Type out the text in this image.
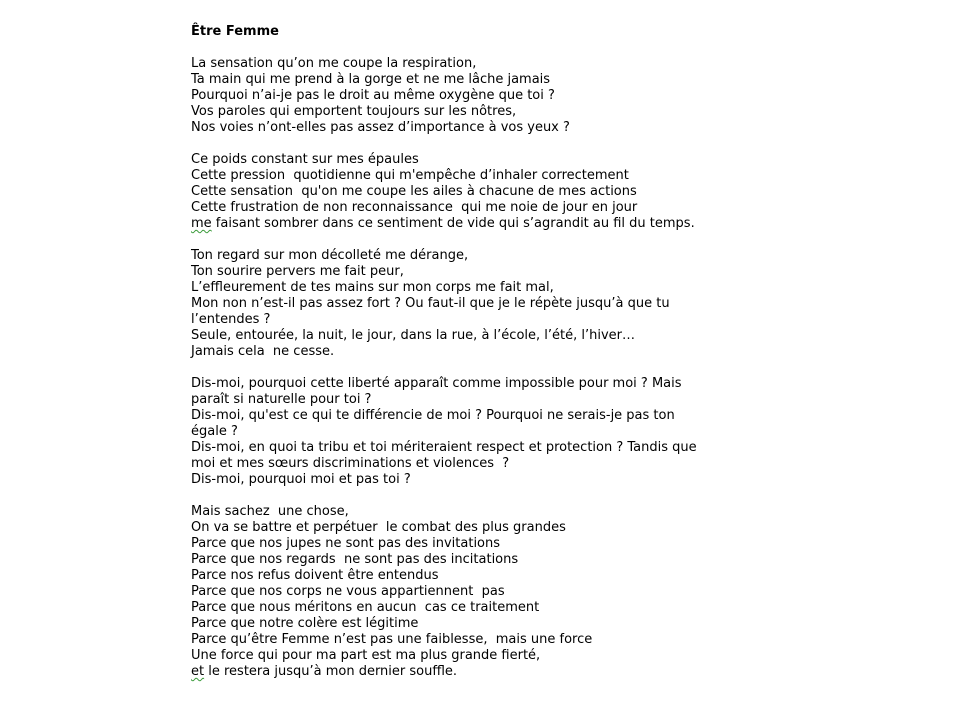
Être Femme
La sensation qu’on me coupe la respiration,
Ta main qui me prend à la gorge et ne me lâche jamais
Pourquoi n’ai-je pas le droit au même oxygène que toi ?
Vos paroles qui emportent toujours sur les nôtres,
Nos voies n’ont-elles pas assez d’importance à vos yeux ?
Ce poids constant sur mes épaules
Cette pression  quotidienne qui m'empêche d’inhaler correctement
Cette sensation  qu'on me coupe les ailes à chacune de mes actions
Cette frustration de non reconnaissance  qui me noie de jour en jour
me faisant sombrer dans ce sentiment de vide qui s’agrandit au fil du temps.
Ton regard sur mon décolleté me dérange,
Ton sourire pervers me fait peur,
L’effleurement de tes mains sur mon corps me fait mal,
Mon non n’est-il pas assez fort ? Ou faut-il que je le répète jusqu’à que tu
l’entendes ?
Seule, entourée, la nuit, le jour, dans la rue, à l’école, l’été, l’hiver…
Jamais cela  ne cesse.
Dis-moi, pourquoi cette liberté apparaît comme impossible pour moi ? Mais
paraît si naturelle pour toi ?
Dis-moi, qu'est ce qui te différencie de moi ? Pourquoi ne serais-je pas ton
égale ?
Dis-moi, en quoi ta tribu et toi mériteraient respect et protection ? Tandis que
moi et mes sœurs discriminations et violences  ?
Dis-moi, pourquoi moi et pas toi ?
Mais sachez  une chose,
On va se battre et perpétuer  le combat des plus grandes
Parce que nos jupes ne sont pas des invitations
Parce que nos regards  ne sont pas des incitations
Parce nos refus doivent être entendus
Parce que nos corps ne vous appartiennent  pas
Parce que nous méritons en aucun  cas ce traitement
Parce que notre colère est légitime
Parce qu’être Femme n’est pas une faiblesse,  mais une force
Une force qui pour ma part est ma plus grande fierté,
et le restera jusqu’à mon dernier souffle.
